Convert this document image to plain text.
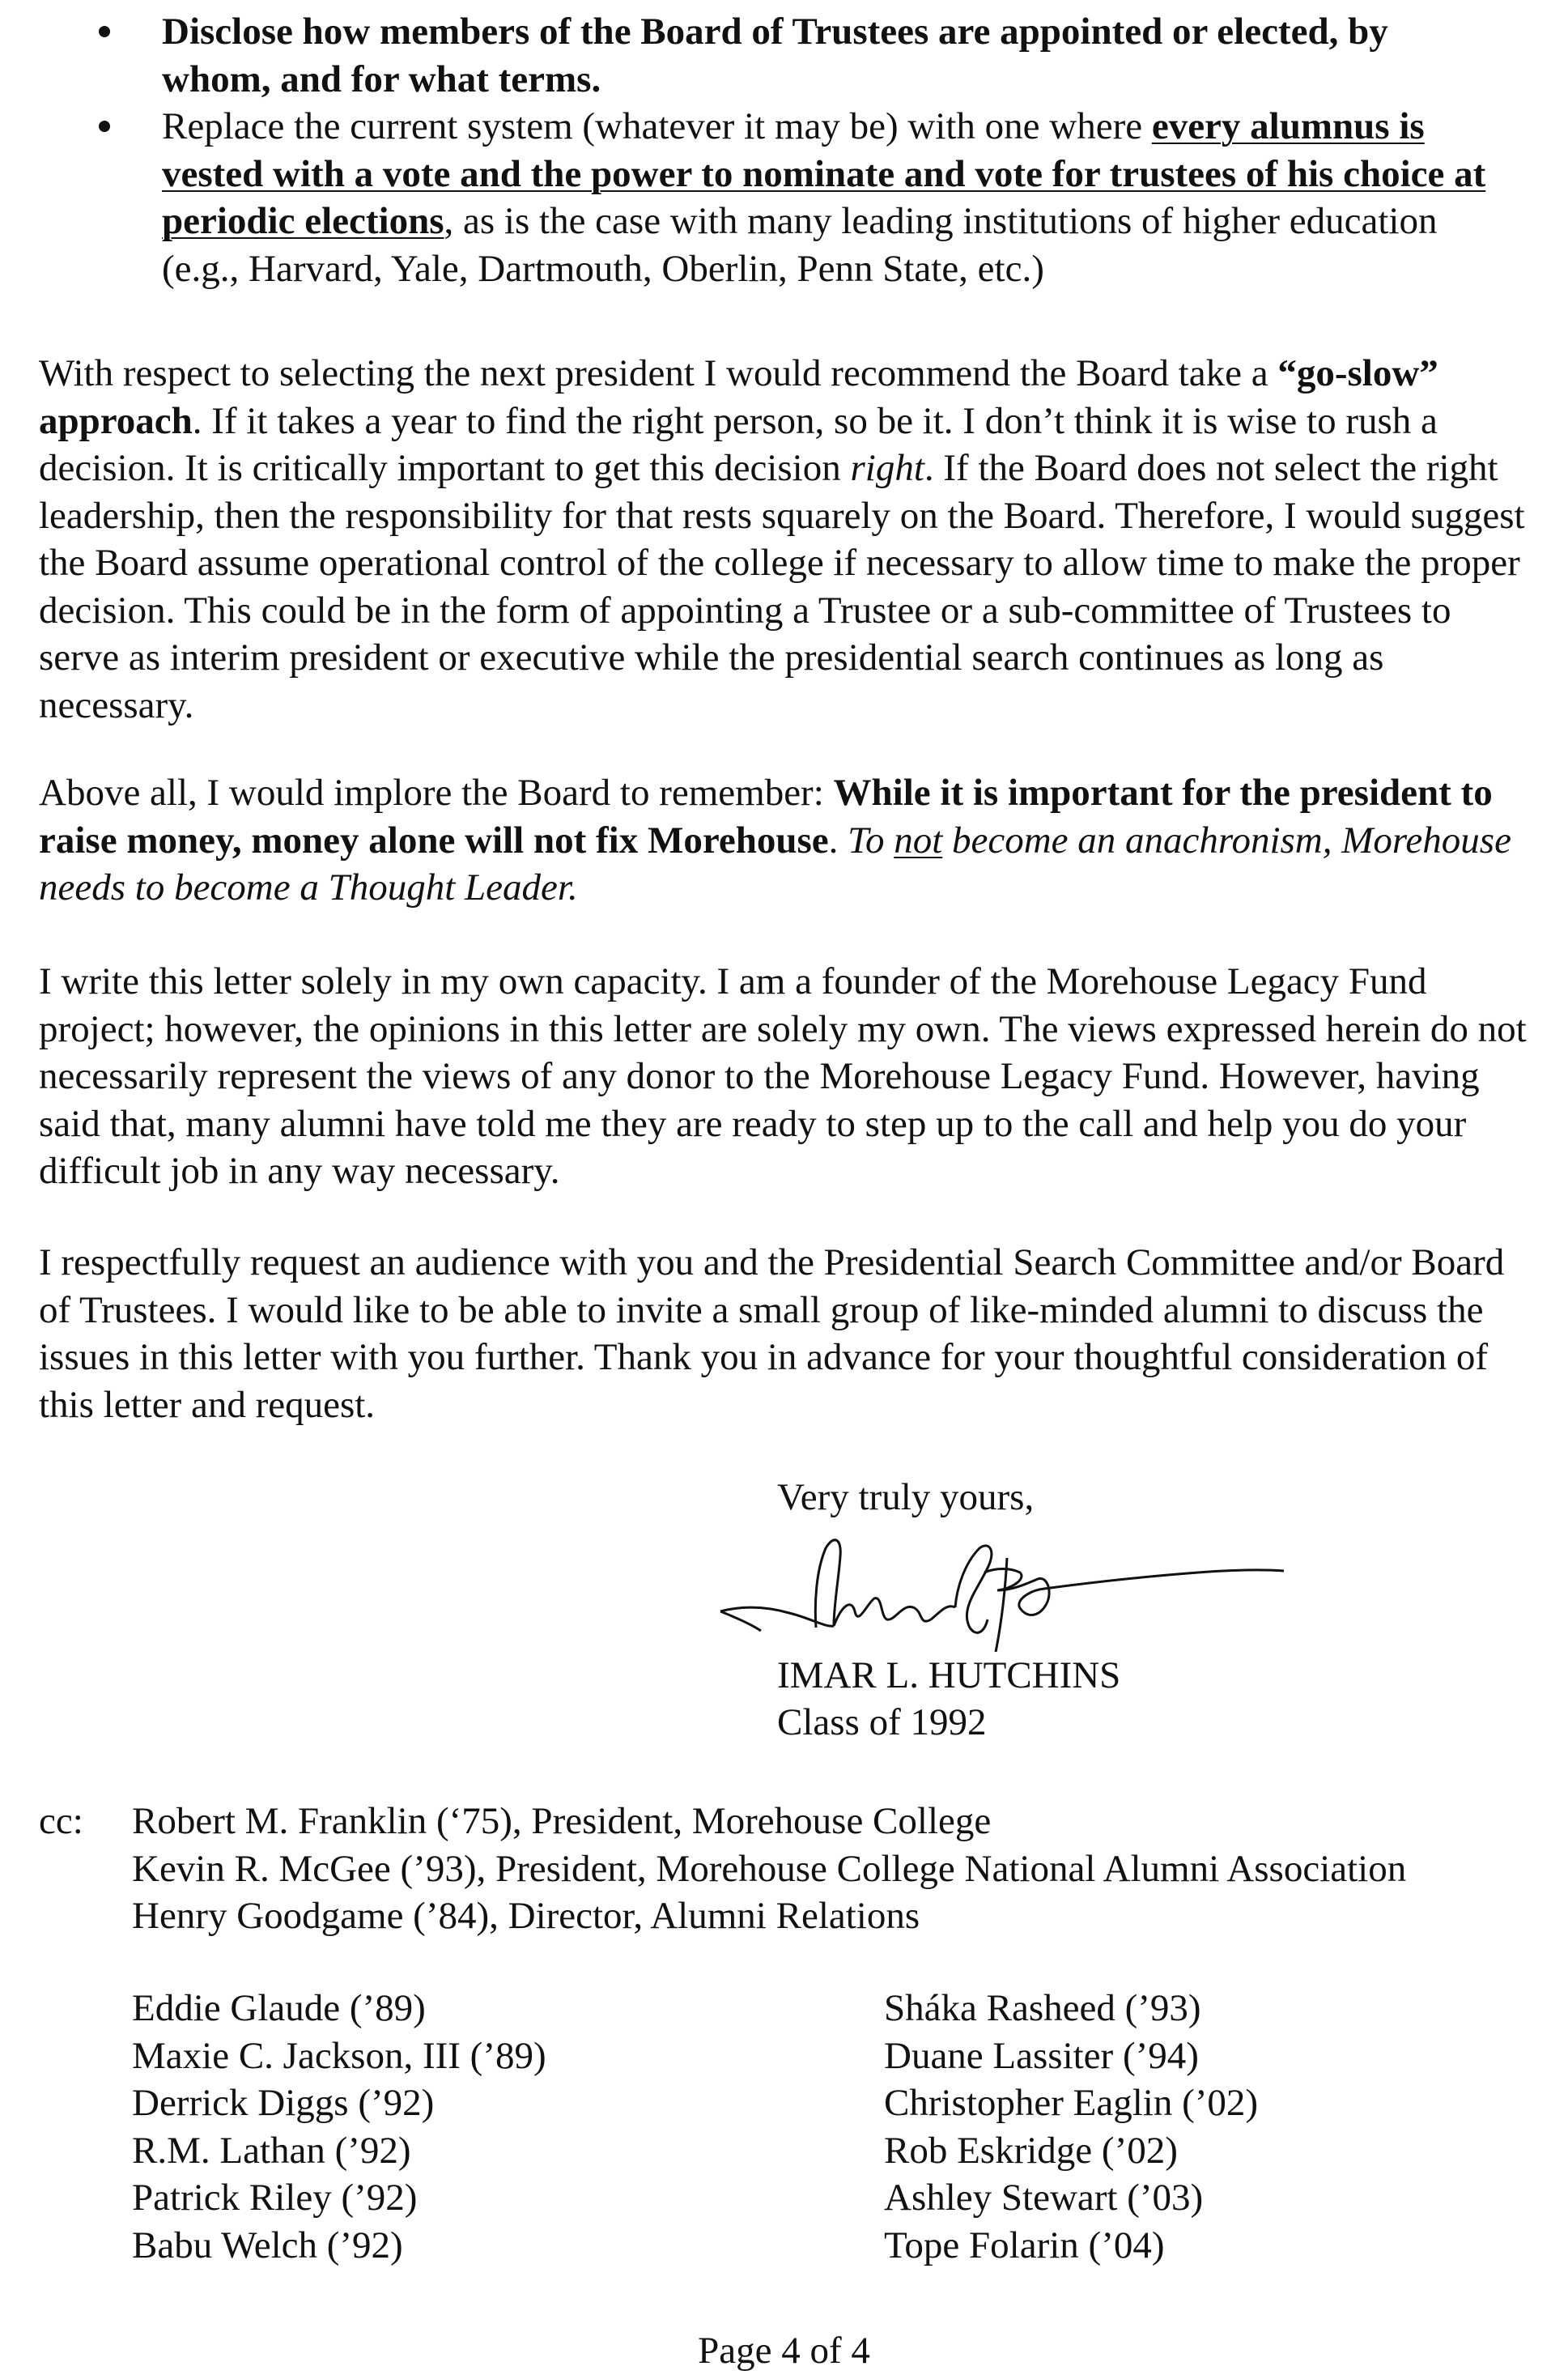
Disclose how members of the Board of Trustees are appointed or elected, by whom, and for what terms.
Replace the current system (whatever it may be) with one where every alumnus is vested with a vote and the power to nominate and vote for trustees of his choice at periodic elections, as is the case with many leading institutions of higher education (e.g., Harvard, Yale, Dartmouth, Oberlin, Penn State, etc.)

With respect to selecting the next president I would recommend the Board take a “go-slow” approach. If it takes a year to find the right person, so be it. I don’t think it is wise to rush a decision. It is critically important to get this decision right. If the Board does not select the right leadership, then the responsibility for that rests squarely on the Board. Therefore, I would suggest the Board assume operational control of the college if necessary to allow time to make the proper decision. This could be in the form of appointing a Trustee or a sub-committee of Trustees to serve as interim president or executive while the presidential search continues as long as necessary.

Above all, I would implore the Board to remember: While it is important for the president to raise money, money alone will not fix Morehouse. To not become an anachronism, Morehouse needs to become a Thought Leader.

I write this letter solely in my own capacity. I am a founder of the Morehouse Legacy Fund project; however, the opinions in this letter are solely my own. The views expressed herein do not necessarily represent the views of any donor to the Morehouse Legacy Fund. However, having said that, many alumni have told me they are ready to step up to the call and help you do your difficult job in any way necessary.

I respectfully request an audience with you and the Presidential Search Committee and/or Board of Trustees. I would like to be able to invite a small group of like-minded alumni to discuss the issues in this letter with you further. Thank you in advance for your thoughtful consideration of this letter and request.

Very truly yours,
IMAR L. HUTCHINS
Class of 1992
cc: Robert M. Franklin (‘75), President, Morehouse College
Kevin R. McGee (’93), President, Morehouse College National Alumni Association
Henry Goodgame (’84), Director, Alumni Relations
Eddie Glaude (’89)
Maxie C. Jackson, III (’89)
Derrick Diggs (’92)
R.M. Lathan (’92)
Patrick Riley (’92)
Babu Welch (’92)
Sháka Rasheed (’93)
Duane Lassiter (’94)
Christopher Eaglin (’02)
Rob Eskridge (’02)
Ashley Stewart (’03)
Tope Folarin (’04)
Page 4 of 4
